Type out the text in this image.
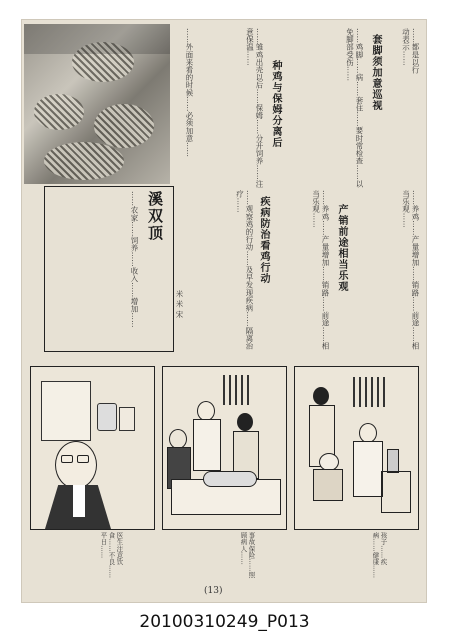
……都是以行动表示……
套脚须加意巡视
……鸡脚……病……套住……要时常检查……以免脚部受伤……
种鸡与保姆分离后
……雏鸡出壳以后……保姆……分开饲养……注意保温……
……外面来看的时候……必须加意……
溪双顶
……农家……饲养……收入……增加……	……观察鸡的行动……及早发现疾病……隔离治疗……	疾病防治看鸡行动
米 米 宋	……养鸡……产量增加……销路……前途……相当乐观……	产销前途相当乐观	……养鸡……产量增加……销路……前途……相当乐观……
医生注意饮食……不良……平日……	事故保险……照顾病人……	孩子……疾病……健康……
(13)
20100310249_P013
